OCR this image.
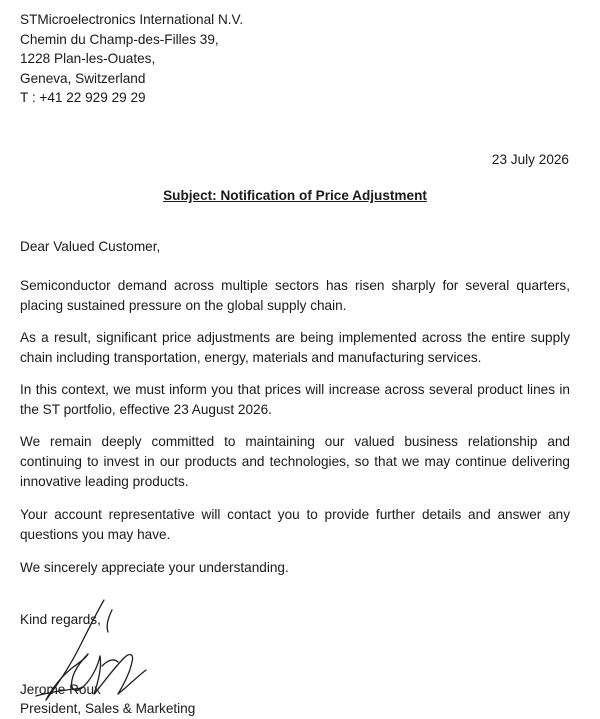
STMicroelectronics International N.V.
Chemin du Champ-des-Filles 39,
1228 Plan-les-Ouates,
Geneva, Switzerland
T : +41 22 929 29 29
23 July 2026
Subject: Notification of Price Adjustment
Dear Valued Customer,
Semiconductor demand across multiple sectors has risen sharply for several quarters, placing sustained pressure on the global supply chain.
As a result, significant price adjustments are being implemented across the entire supply chain including transportation, energy, materials and manufacturing services.
In this context, we must inform you that prices will increase across several product lines in the ST portfolio, effective 23 August 2026.
We remain deeply committed to maintaining our valued business relationship and continuing to invest in our products and technologies, so that we may continue delivering innovative leading products.
Your account representative will contact you to provide further details and answer any questions you may have.
We sincerely appreciate your understanding.
Kind regards,
Jerome Roux
President, Sales & Marketing
